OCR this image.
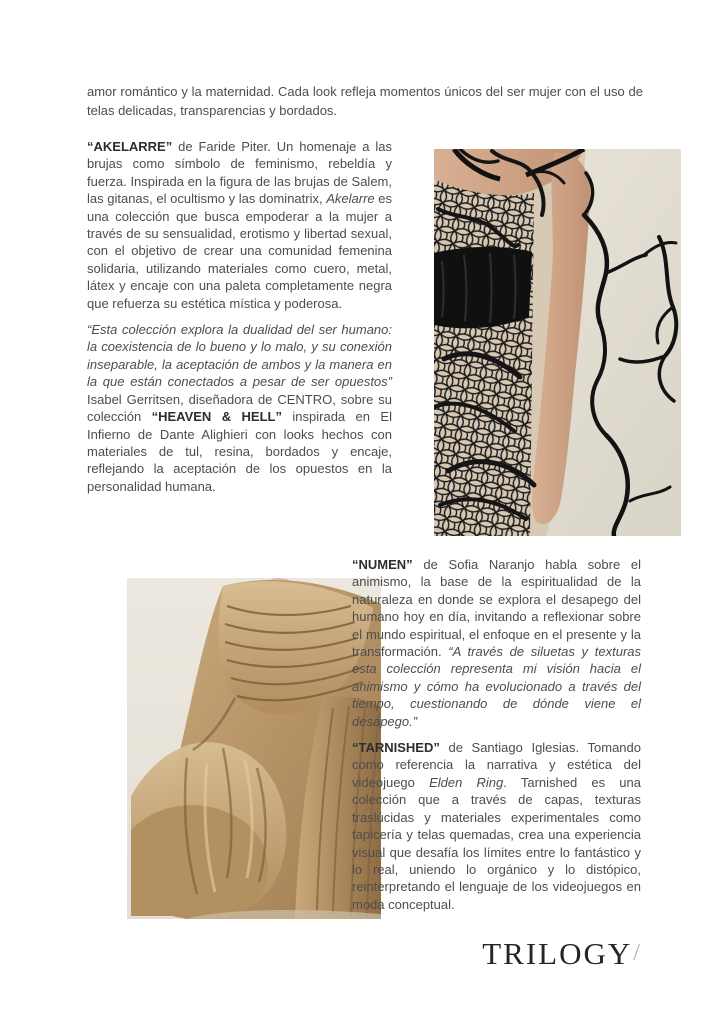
amor romántico y la maternidad. Cada look refleja momentos únicos del ser mujer con el uso de telas delicadas, transparencias y bordados.

“AKELARRE” de Faride Piter. Un homenaje a las brujas como símbolo de feminismo, rebeldía y fuerza. Inspirada en la figura de las brujas de Salem, las gitanas, el ocultismo y las dominatrix, Akelarre es una colección que busca empoderar a la mujer a través de su sensualidad, erotismo y libertad sexual, con el objetivo de crear una comunidad femenina solidaria, utilizando materiales como cuero, metal, látex y encaje con una paleta completamente negra que refuerza su estética mística y poderosa.

“Esta colección explora la dualidad del ser humano: la coexistencia de lo bueno y lo malo, y su conexión inseparable, la aceptación de ambos y la manera en la que están conectados a pesar de ser opuestos” Isabel Gerritsen, diseñadora de CENTRO, sobre su colección “HEAVEN & HELL” inspirada en El Infierno de Dante Alighieri con looks hechos con materiales de tul, resina, bordados y encaje, reflejando la aceptación de los opuestos en la personalidad humana.

“NUMEN” de Sofia Naranjo habla sobre el animismo, la base de la espiritualidad de la naturaleza en donde se explora el desapego del humano hoy en día, invitando a reflexionar sobre el mundo espiritual, el enfoque en el presente y la transformación. “A través de siluetas y texturas esta colección representa mi visión hacia el animismo y cómo ha evolucionado a través del tiempo, cuestionando de dónde viene el desapego.”

“TARNISHED” de Santiago Iglesias. Tomando como referencia la narrativa y estética del videojuego Elden Ring. Tarnished es una colección que a través de capas, texturas traslúcidas y materiales experimentales como tapicería y telas quemadas, crea una experiencia visual que desafía los límites entre lo fantástico y lo real, uniendo lo orgánico y lo distópico, reinterpretando el lenguaje de los videojuegos en moda conceptual.

TRILOGY/
